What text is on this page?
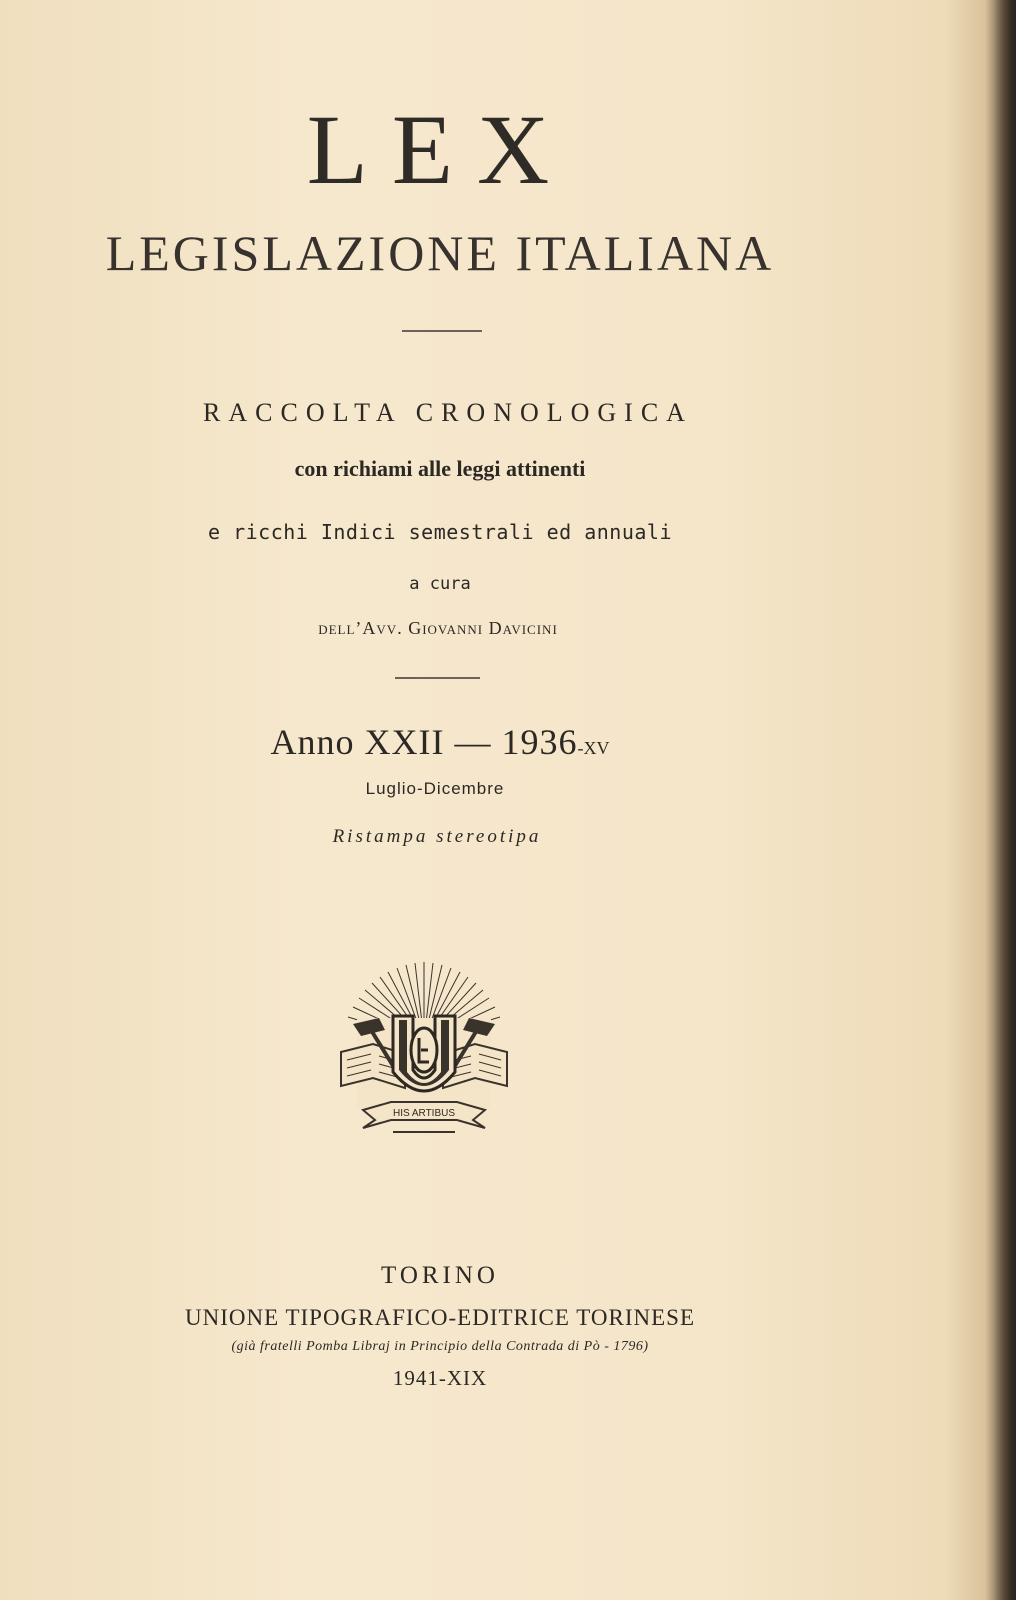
LEX
LEGISLAZIONE ITALIANA
RACCOLTA CRONOLOGICA
con richiami alle leggi attinenti
e ricchi Indici semestrali ed annuali
a cura
dell’Avv. Giovanni Davicini
Anno XXII — 1936-XV
Luglio-Dicembre
Ristampa stereotipa
HIS ARTIBUS
TORINO
UNIONE TIPOGRAFICO-EDITRICE TORINESE
(già fratelli Pomba Libraj in Principio della Contrada di Pò - 1796)
1941-XIX
